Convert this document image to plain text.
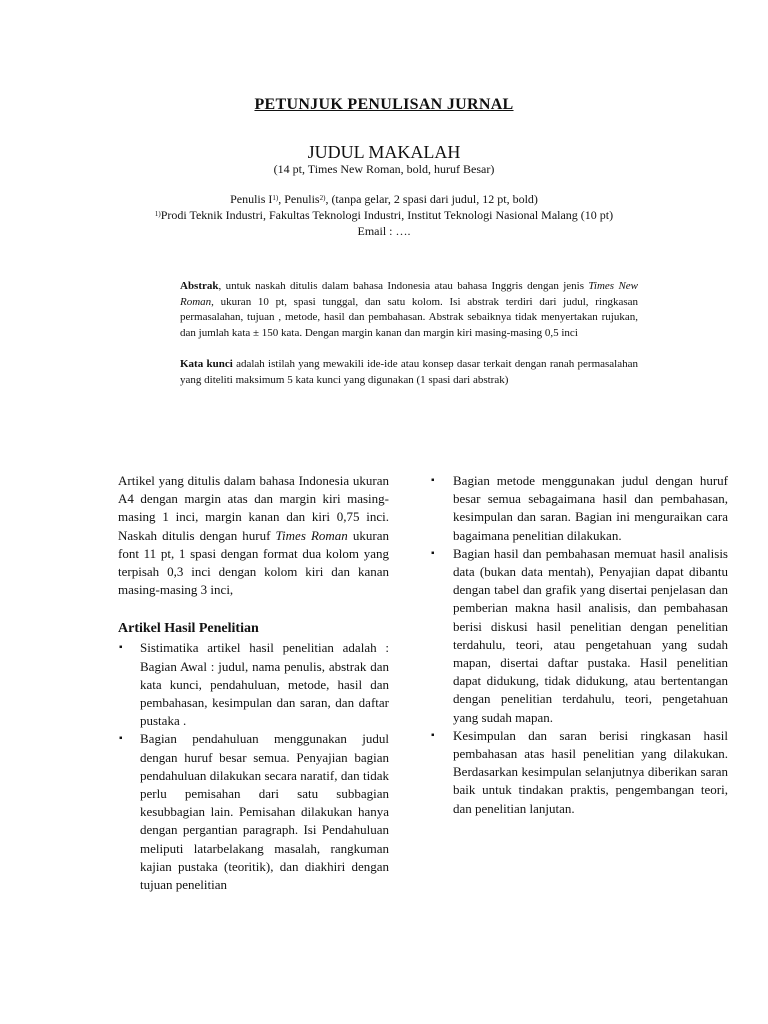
PETUNJUK PENULISAN JURNAL
JUDUL MAKALAH
(14 pt, Times New Roman, bold, huruf Besar)
Penulis $I^{1)}$, Penulis$^{2)}$, (tanpa gelar, 2 spasi dari judul, 12 pt, bold)
$^{1)}$Prodi Teknik Industri, Fakultas Teknologi Industri, Institut Teknologi Nasional Malang (10 pt)
Email : ….

Abstrak, untuk naskah ditulis dalam bahasa Indonesia atau bahasa Inggris dengan jenis Times New Roman, ukuran 10 pt, spasi tunggal, dan satu kolom. Isi abstrak terdiri dari judul, ringkasan permasalahan, tujuan , metode, hasil dan pembahasan. Abstrak sebaiknya tidak menyertakan rujukan, dan jumlah kata ± 150 kata. Dengan margin kanan dan margin kiri masing-masing 0,5 inci

Kata kunci adalah istilah yang mewakili ide-ide atau konsep dasar terkait dengan ranah permasalahan yang diteliti maksimum 5 kata kunci yang digunakan (1 spasi dari abstrak)

Artikel yang ditulis dalam bahasa Indonesia ukuran A4 dengan margin atas dan margin kiri masing-masing 1 inci, margin kanan dan kiri 0,75 inci. Naskah ditulis dengan huruf Times Roman ukuran font 11 pt, 1 spasi dengan format dua kolom yang terpisah 0,3 inci dengan kolom kiri dan kanan masing-masing 3 inci,

Artikel Hasil Penelitian

▪ Sistimatika artikel hasil penelitian adalah : Bagian Awal : judul, nama penulis, abstrak dan kata kunci, pendahuluan, metode, hasil dan pembahasan, kesimpulan dan saran, dan daftar pustaka .
▪ Bagian pendahuluan menggunakan judul dengan huruf besar semua. Penyajian bagian pendahuluan dilakukan secara naratif, dan tidak perlu pemisahan dari satu subbagian kesubbagian lain. Pemisahan dilakukan hanya dengan pergantian paragraph. Isi Pendahuluan meliputi latarbelakang masalah, rangkuman kajian pustaka (teoritik), dan diakhiri dengan tujuan penelitian
▪ Bagian metode menggunakan judul dengan huruf besar semua sebagaimana hasil dan pembahasan, kesimpulan dan saran. Bagian ini menguraikan cara bagaimana penelitian dilakukan.
▪ Bagian hasil dan pembahasan memuat hasil analisis data (bukan data mentah), Penyajian dapat dibantu dengan tabel dan grafik yang disertai penjelasan dan pemberian makna hasil analisis, dan pembahasan berisi diskusi hasil penelitian dengan penelitian terdahulu, teori, atau pengetahuan yang sudah mapan, disertai daftar pustaka. Hasil penelitian dapat didukung, tidak didukung, atau bertentangan dengan penelitian terdahulu, teori, pengetahuan yang sudah mapan.
▪ Kesimpulan dan saran berisi ringkasan hasil pembahasan atas hasil penelitian yang dilakukan. Berdasarkan kesimpulan selanjutnya diberikan saran baik untuk tindakan praktis, pengembangan teori, dan penelitian lanjutan.
